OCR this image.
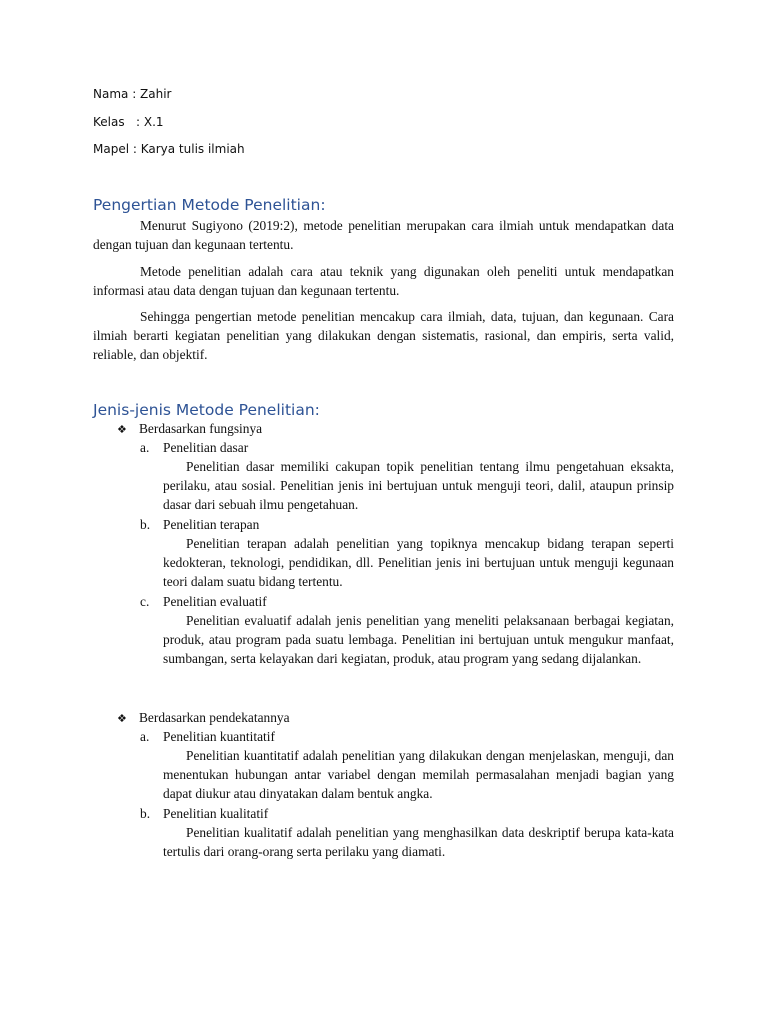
Nama : Zahir
Kelas   : X.1
Mapel : Karya tulis ilmiah
Pengertian Metode Penelitian:

Menurut Sugiyono (2019:2), metode penelitian merupakan cara ilmiah untuk mendapatkan data dengan tujuan dan kegunaan tertentu.

Metode penelitian adalah cara atau teknik yang digunakan oleh peneliti untuk mendapatkan informasi atau data dengan tujuan dan kegunaan tertentu.

Sehingga pengertian metode penelitian mencakup cara ilmiah, data, tujuan, dan kegunaan. Cara ilmiah berarti kegiatan penelitian yang dilakukan dengan sistematis, rasional, dan empiris, serta valid, reliable, dan objektif.

Jenis-jenis Metode Penelitian:
❖ Berdasarkan fungsinya
a. Penelitian dasar

Penelitian dasar memiliki cakupan topik penelitian tentang ilmu pengetahuan eksakta, perilaku, atau sosial. Penelitian jenis ini bertujuan untuk menguji teori, dalil, ataupun prinsip dasar dari sebuah ilmu pengetahuan.

b. Penelitian terapan

Penelitian terapan adalah penelitian yang topiknya mencakup bidang terapan seperti kedokteran, teknologi, pendidikan, dll. Penelitian jenis ini bertujuan untuk menguji kegunaan teori dalam suatu bidang tertentu.

c. Penelitian evaluatif

Penelitian evaluatif adalah jenis penelitian yang meneliti pelaksanaan berbagai kegiatan, produk, atau program pada suatu lembaga. Penelitian ini bertujuan untuk mengukur manfaat, sumbangan, serta kelayakan dari kegiatan, produk, atau program yang sedang dijalankan.

❖ Berdasarkan pendekatannya
a. Penelitian kuantitatif

Penelitian kuantitatif adalah penelitian yang dilakukan dengan menjelaskan, menguji, dan menentukan hubungan antar variabel dengan memilah permasalahan menjadi bagian yang dapat diukur atau dinyatakan dalam bentuk angka.

b. Penelitian kualitatif

Penelitian kualitatif adalah penelitian yang menghasilkan data deskriptif berupa kata-kata tertulis dari orang-orang serta perilaku yang diamati.
